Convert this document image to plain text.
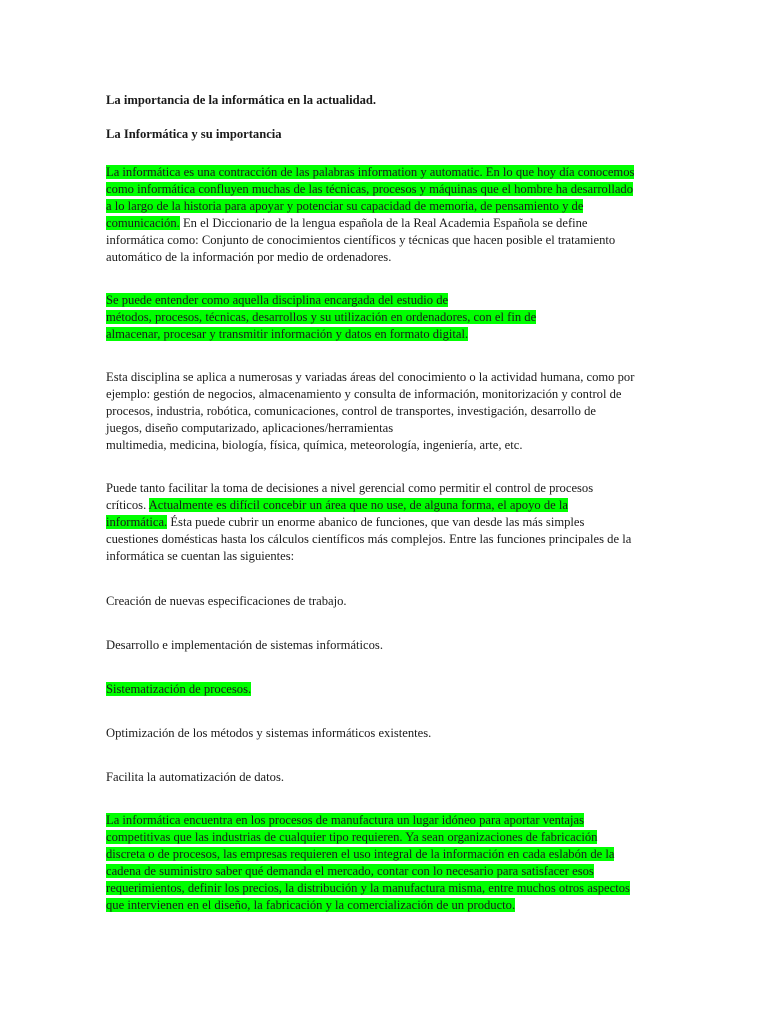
La importancia de la informática en la actualidad.
La Informática y su importancia
La informática es una contracción de las palabras information y automatic. En lo que hoy día conocemos
como informática confluyen muchas de las técnicas, procesos y máquinas que el hombre ha desarrollado
a lo largo de la historia para apoyar y potenciar su capacidad de memoria, de pensamiento y de
comunicación. En el Diccionario de la lengua española de la Real Academia Española se define
informática como: Conjunto de conocimientos científicos y técnicas que hacen posible el tratamiento
automático de la información por medio de ordenadores.
Se puede entender como aquella disciplina encargada del estudio de
métodos, procesos, técnicas, desarrollos y su utilización en ordenadores, con el fin de
almacenar, procesar y transmitir información y datos en formato digital.
Esta disciplina se aplica a numerosas y variadas áreas del conocimiento o la actividad humana, como por
ejemplo: gestión de negocios, almacenamiento y consulta de información, monitorización y control de
procesos, industria, robótica, comunicaciones, control de transportes, investigación, desarrollo de
juegos, diseño computarizado, aplicaciones/herramientas
multimedia, medicina, biología, física, química, meteorología, ingeniería, arte, etc.
Puede tanto facilitar la toma de decisiones a nivel gerencial como permitir el control de procesos
críticos. Actualmente es difícil concebir un área que no use, de alguna forma, el apoyo de la
informática. Ésta puede cubrir un enorme abanico de funciones, que van desde las más simples
cuestiones domésticas hasta los cálculos científicos más complejos. Entre las funciones principales de la
informática se cuentan las siguientes:
Creación de nuevas especificaciones de trabajo.
Desarrollo e implementación de sistemas informáticos.
Sistematización de procesos.
Optimización de los métodos y sistemas informáticos existentes.
Facilita la automatización de datos.
La informática encuentra en los procesos de manufactura un lugar idóneo para aportar ventajas
competitivas que las industrias de cualquier tipo requieren. Ya sean organizaciones de fabricación
discreta o de procesos, las empresas requieren el uso integral de la información en cada eslabón de la
cadena de suministro saber qué demanda el mercado, contar con lo necesario para satisfacer esos
requerimientos, definir los precios, la distribución y la manufactura misma, entre muchos otros aspectos
que intervienen en el diseño, la fabricación y la comercialización de un producto.
